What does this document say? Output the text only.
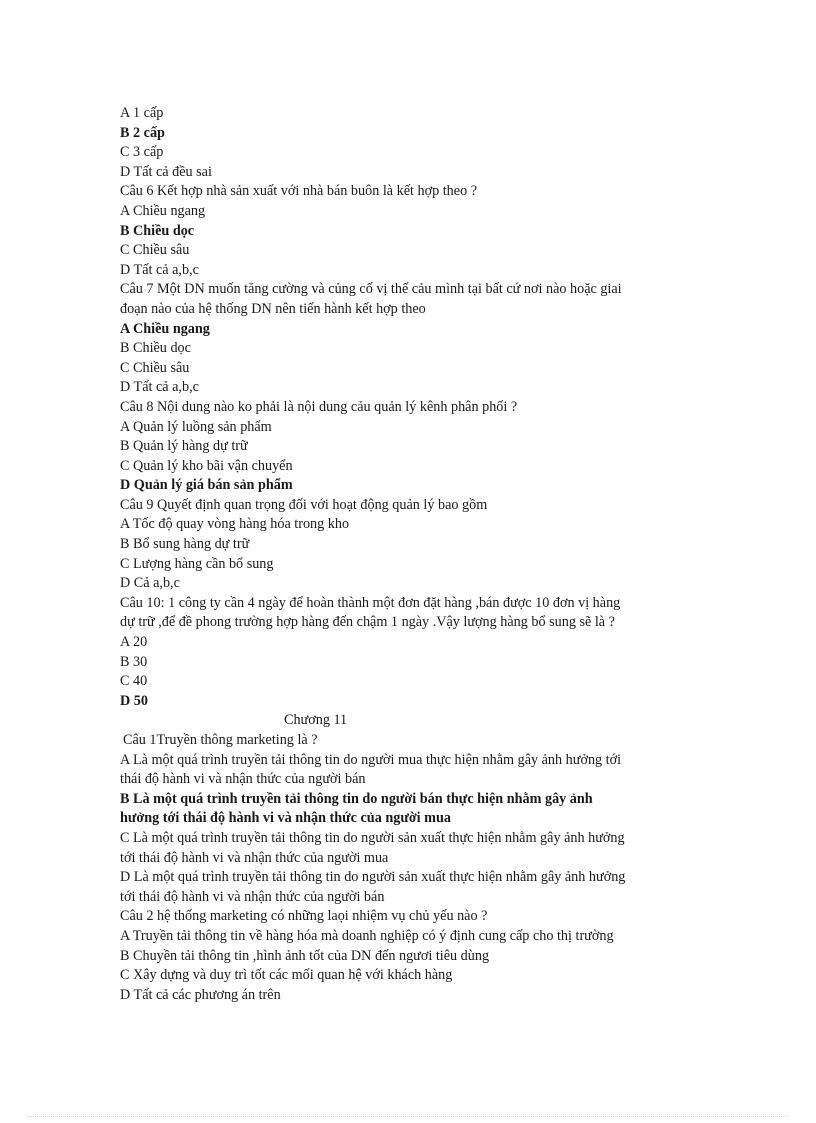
A 1 cấp
B 2 cấp
C 3 cấp
D Tất cả đều sai
Câu 6 Kết hợp nhà sản xuất với nhà bán buôn là kết hợp theo ?
A Chiều ngang
B Chiều dọc
C Chiều sâu
D Tất cả a,b,c
Câu 7 Một DN muốn tăng cường và củng cố vị thế cảu mình tại bất cứ nơi nào hoặc giai
đoạn nào của hệ thống DN nên tiến hành kết hợp theo
A Chiều ngang
B Chiều dọc
C Chiều sâu
D Tất cả a,b,c
Câu 8 Nội dung nào ko phải là nội dung cảu quản lý kênh phân phối ?
A Quản lý luồng sản phẩm
B Quản lý hàng dự trữ
C Quản lý kho bãi vận chuyển
D Quản lý giá bán sản phẩm
Câu 9 Quyết định quan trọng đối với hoạt động quản lý bao gồm
A Tốc độ quay vòng hàng hóa trong kho
B Bổ sung hàng dự trữ
C Lượng hàng cần bổ sung
D Cả a,b,c
Câu 10: 1 công ty cần 4 ngày để hoàn thành một đơn đặt hàng ,bán được 10 đơn vị hàng
dự trữ ,để đề phong trường hợp hàng đến chậm 1 ngày .Vậy lượng hàng bổ sung sẽ là ?
A 20
B 30
C 40
D 50
Chương 11
Câu 1Truyền thông marketing là ?
A Là một quá trình truyền tải thông tin do người mua thực hiện nhằm gây ảnh hưởng tới
thái độ hành vi và nhận thức của người bán
B Là một quá trình truyền tải thông tin do người bán thực hiện nhằm gây ảnh
hưởng tới thái độ hành vi và nhận thức của người mua
C Là một quá trình truyền tải thông tin do người sản xuất thực hiện nhằm gây ảnh hưởng
tới thái độ hành vi và nhận thức của người mua
D Là một quá trình truyền tải thông tin do người sản xuất thực hiện nhằm gây ảnh hưởng
tới thái độ hành vi và nhận thức của người bán
Câu 2 hệ thống marketing có những laọi nhiệm vụ chủ yếu nào ?
A Truyền tải thông tin về hàng hóa mà doanh nghiệp có ý định cung cấp cho thị trường
B Chuyền tải thông tin ,hình ảnh tốt của DN đến ngươi tiêu dùng
C Xây dựng và duy trì tốt các mối quan hệ với khách hàng
D Tất cả các phương án trên
